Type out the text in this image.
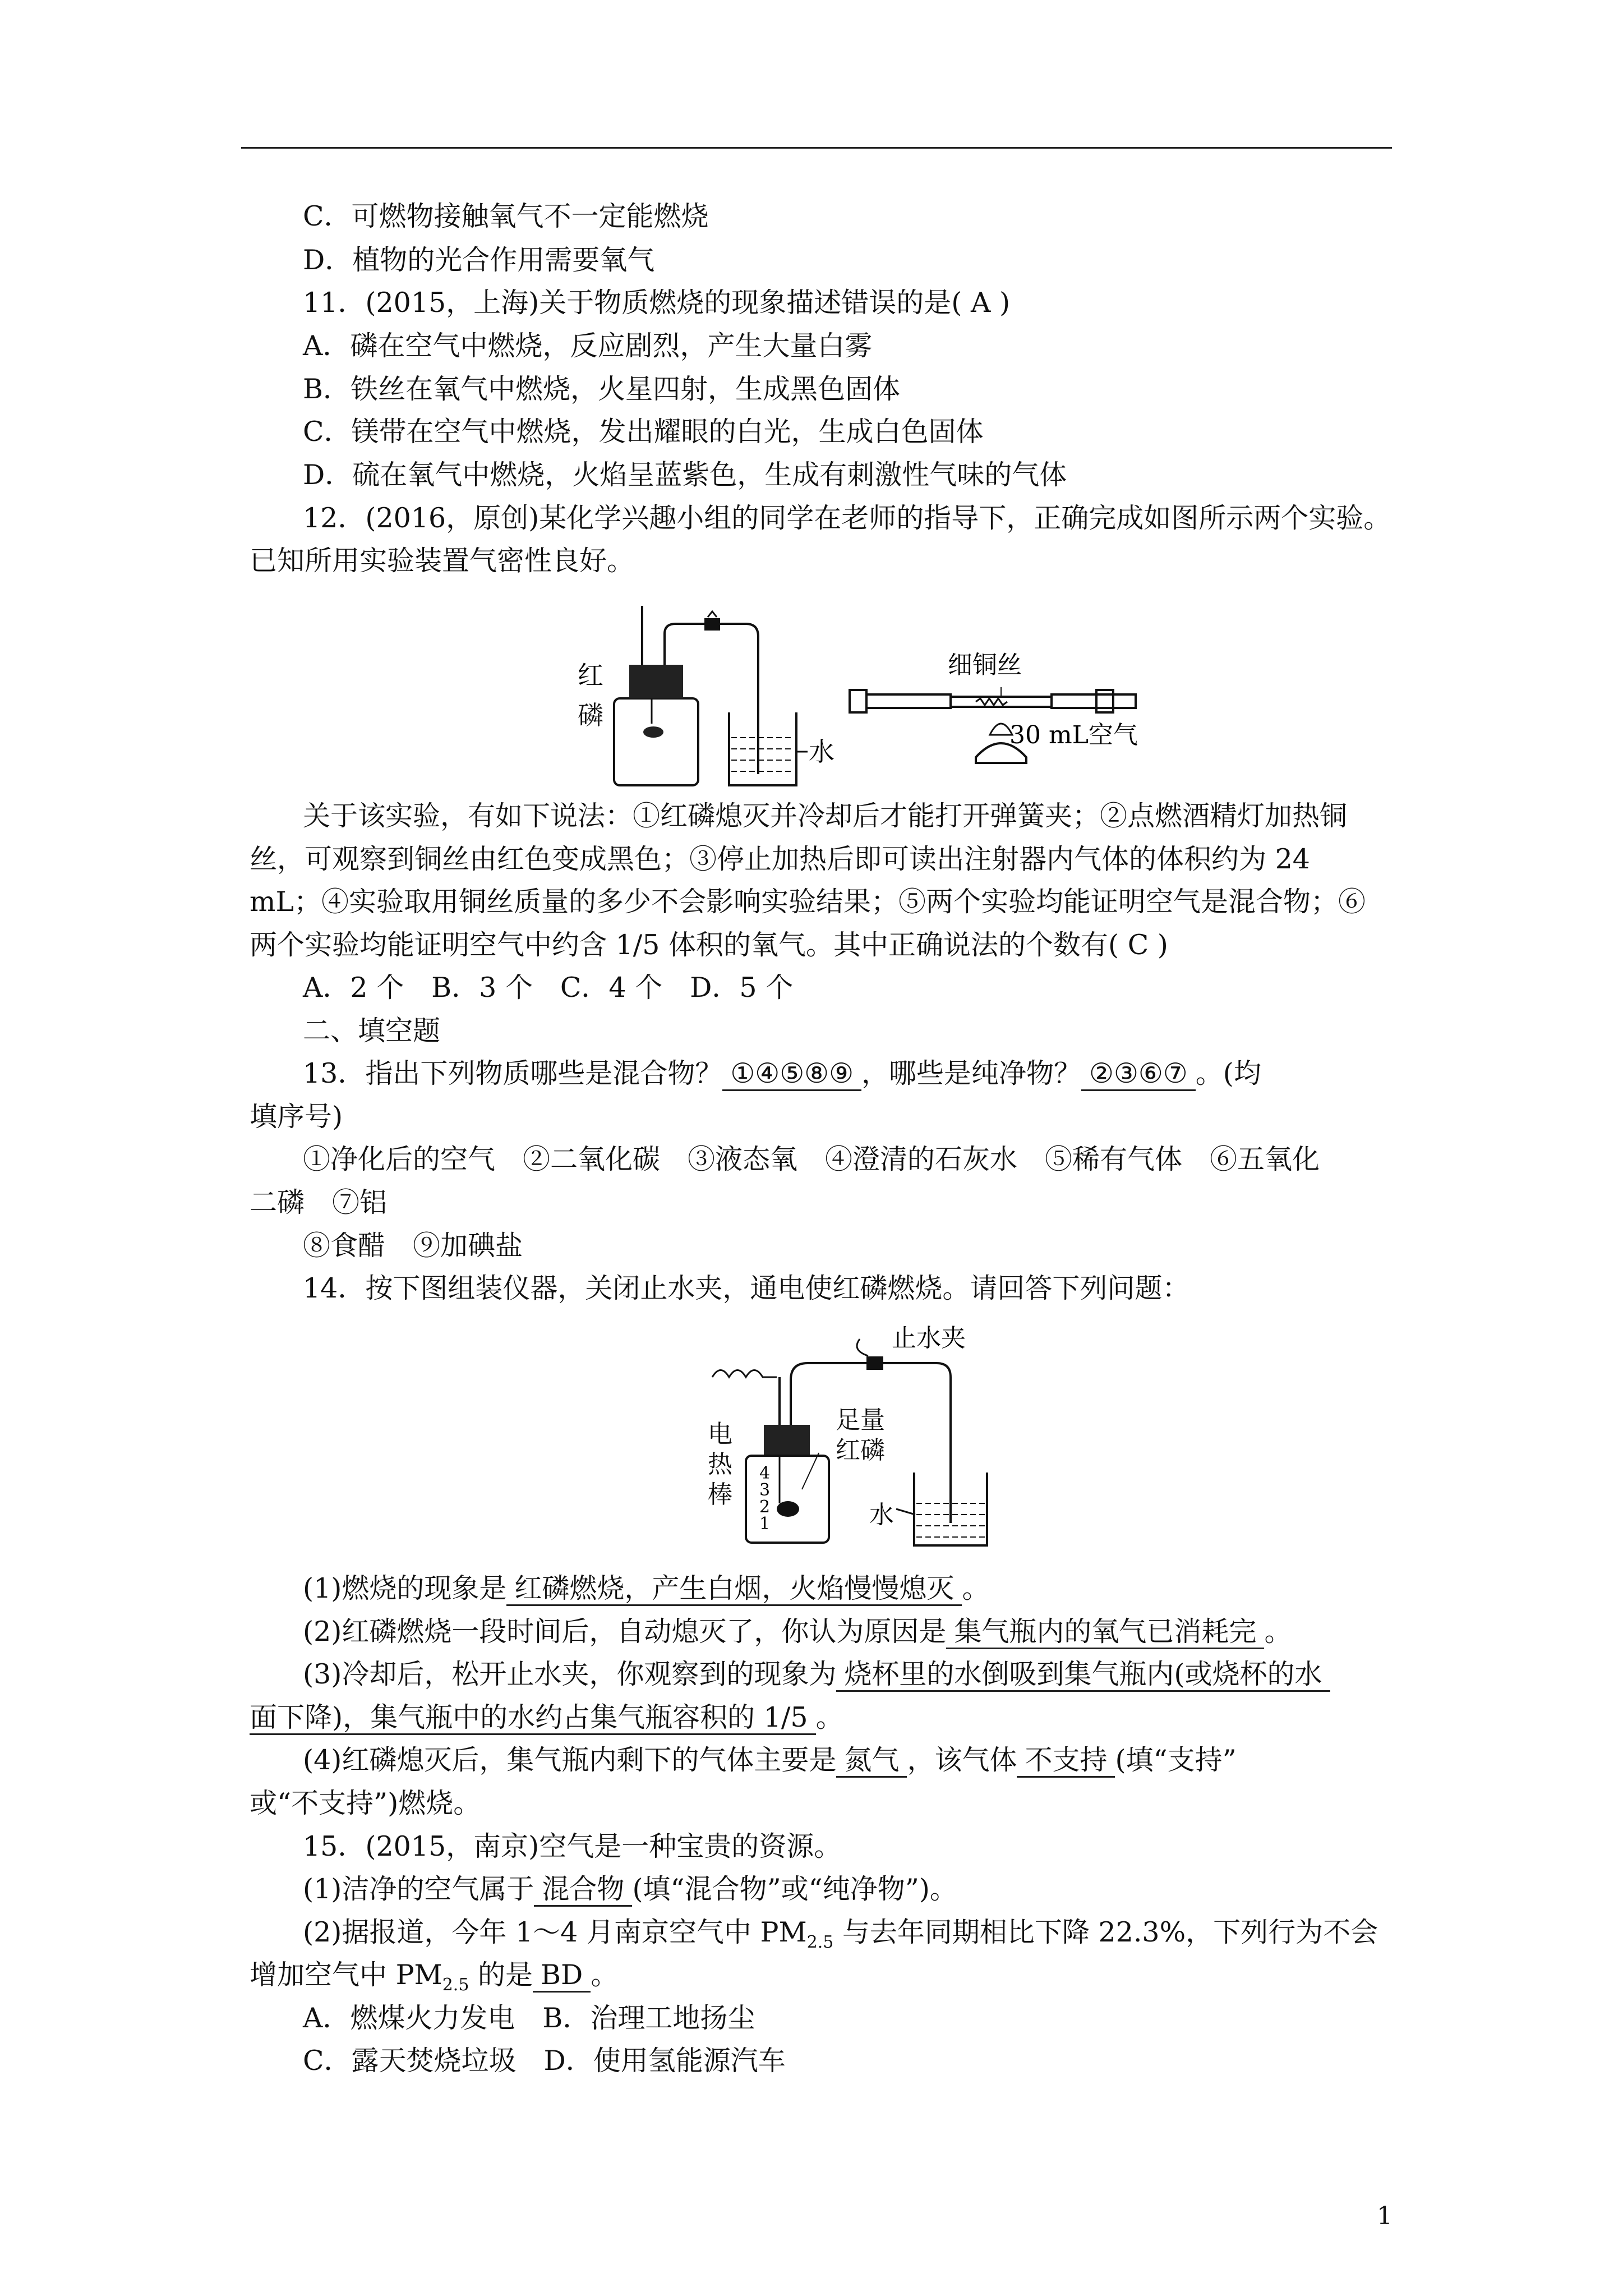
C．可燃物接触氧气不一定能燃烧
D．植物的光合作用需要氧气
11．(2015，上海)关于物质燃烧的现象描述错误的是( A )
A．磷在空气中燃烧，反应剧烈，产生大量白雾
B．铁丝在氧气中燃烧，火星四射，生成黑色固体
C．镁带在空气中燃烧，发出耀眼的白光，生成白色固体
D．硫在氧气中燃烧，火焰呈蓝紫色，生成有刺激性气味的气体
12．(2016，原创)某化学兴趣小组的同学在老师的指导下，正确完成如图所示两个实验。
已知所用实验装置气密性良好。
红
水
细铜丝
30 mL空气
磷
关于该实验，有如下说法：①红磷熄灭并冷却后才能打开弹簧夹；②点燃酒精灯加热铜
丝，可观察到铜丝由红色变成黑色；③停止加热后即可读出注射器内气体的体积约为 24
mL；④实验取用铜丝质量的多少不会影响实验结果；⑤两个实验均能证明空气是混合物；⑥
两个实验均能证明空气中约含 1/5 体积的氧气。其中正确说法的个数有( C )
A．2 个　B．3 个　C．4 个　D．5 个
二、填空题
13．指出下列物质哪些是混合物？ ①④⑤⑧⑨ ，哪些是纯净物？ ②③⑥⑦ 。(均
填序号)
①净化后的空气　②二氧化碳　③液态氧　④澄清的石灰水　⑤稀有气体　⑥五氧化
二磷　⑦铝
⑧食醋　⑨加碘盐
14．按下图组装仪器，关闭止水夹，通电使红磷燃烧。请回答下列问题：
4
3
2
1
止水夹
水
电热棒
足量红磷
(1)燃烧的现象是 红磷燃烧，产生白烟，火焰慢慢熄灭 。
(2)红磷燃烧一段时间后，自动熄灭了，你认为原因是 集气瓶内的氧气已消耗完 。
(3)冷却后，松开止水夹，你观察到的现象为 烧杯里的水倒吸到集气瓶内(或烧杯的水
面下降)，集气瓶中的水约占集气瓶容积的 1/5 。
(4)红磷熄灭后，集气瓶内剩下的气体主要是 氮气 ，该气体 不支持 (填“支持”
或“不支持”)燃烧。
15．(2015，南京)空气是一种宝贵的资源。
(1)洁净的空气属于 混合物 (填“混合物”或“纯净物”)。
(2)据报道，今年 1～4 月南京空气中 $PM_{2.5}$ 与去年同期相比下降 22.3%，下列行为不会
增加空气中 $PM_{2.5}$ 的是 BD 。
A．燃煤火力发电　B．治理工地扬尘
C．露天焚烧垃圾　D．使用氢能源汽车
1
